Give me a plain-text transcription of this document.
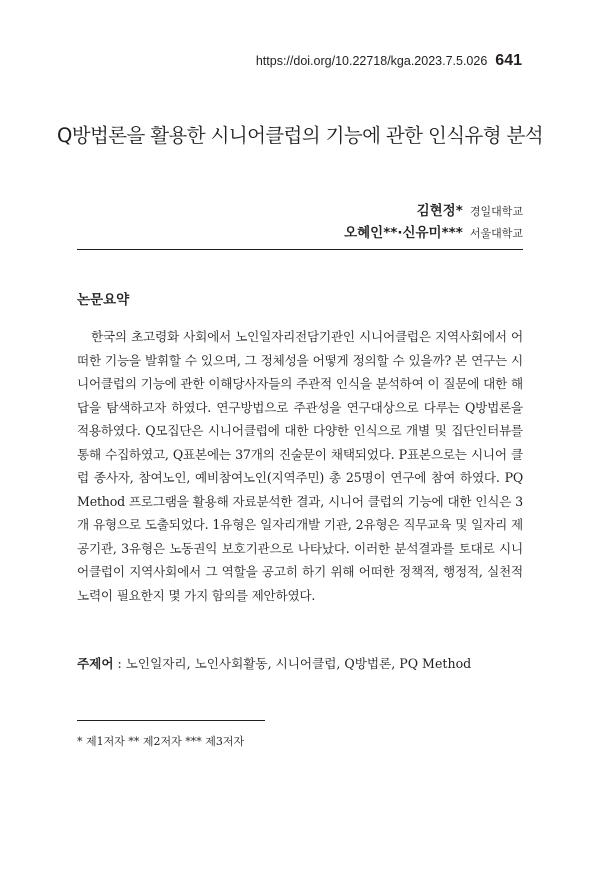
https://doi.org/10.22718/kga.2023.7.5.026 641
Q방법론을 활용한 시니어클럽의 기능에 관한 인식유형 분석
김현정* 경일대학교
오혜인**·신유미*** 서울대학교
논문요약

한국의 초고령화 사회에서 노인일자리전담기관인 시니어클럽은 지역사회에서 어떠한 기능을 발휘할 수 있으며, 그 정체성을 어떻게 정의할 수 있을까? 본 연구는 시니어클럽의 기능에 관한 이해당사자들의 주관적 인식을 분석하여 이 질문에 대한 해답을 탐색하고자 하였다. 연구방법으로 주관성을 연구대상으로 다루는 Q방법론을 적용하였다. Q모집단은 시니어클럽에 대한 다양한 인식으로 개별 및 집단인터뷰를 통해 수집하였고, Q표본에는 37개의 진술문이 채택되었다. P표본으로는 시니어 클럽 종사자, 참여노인, 예비참여노인(지역주민) 총 25명이 연구에 참여 하였다. PQ Method 프로그램을 활용해 자료분석한 결과, 시니어 클럽의 기능에 대한 인식은 3개 유형으로 도출되었다. 1유형은 일자리개발 기관, 2유형은 직무교육 및 일자리 제공기관, 3유형은 노동권익 보호기관으로 나타났다. 이러한 분석결과를 토대로 시니어클럽이 지역사회에서 그 역할을 공고히 하기 위해 어떠한 정책적, 행정적, 실천적 노력이 필요한지 몇 가지 함의를 제안하였다.

주제어 : 노인일자리, 노인사회활동, 시니어클럽, Q방법론, PQ Method
* 제1저자 ** 제2저자 *** 제3저자
